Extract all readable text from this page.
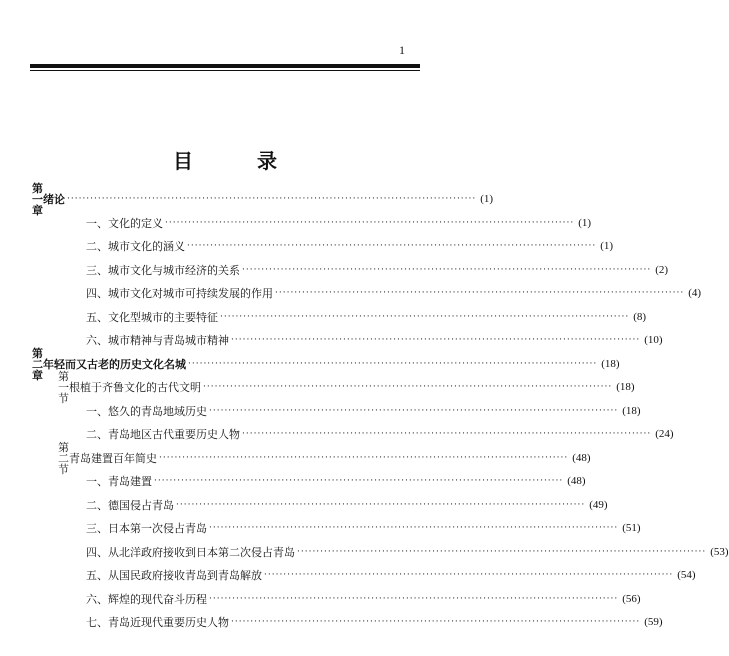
1
目　录
第一章
绪论 ·········································································································· ( 1 )
一、文化的定义 ·········································································································· ( 1 )
二、城市文化的涵义 ·········································································································· ( 1 )
三、城市文化与城市经济的关系 ·········································································································· ( 2 )
四、城市文化对城市可持续发展的作用 ·········································································································· ( 4 )
五、文化型城市的主要特征 ·········································································································· ( 8 )
六、城市精神与青岛城市精神 ·········································································································· ( 10 )
第二章
年轻而又古老的历史文化名城 ·········································································································· ( 18 )
第一节
根植于齐鲁文化的古代文明 ·········································································································· ( 18 )
一、悠久的青岛地域历史 ·········································································································· ( 18 )
二、青岛地区古代重要历史人物 ·········································································································· ( 24 )
第二节
青岛建置百年简史 ·········································································································· ( 48 )
一、青岛建置 ·········································································································· ( 48 )
二、德国侵占青岛 ·········································································································· ( 49 )
三、日本第一次侵占青岛 ·········································································································· ( 51 )
四、从北洋政府接收到日本第二次侵占青岛 ·········································································································· ( 53 )
五、从国民政府接收青岛到青岛解放 ·········································································································· ( 54 )
六、辉煌的现代奋斗历程 ·········································································································· ( 56 )
七、青岛近现代重要历史人物 ·········································································································· ( 59 )
